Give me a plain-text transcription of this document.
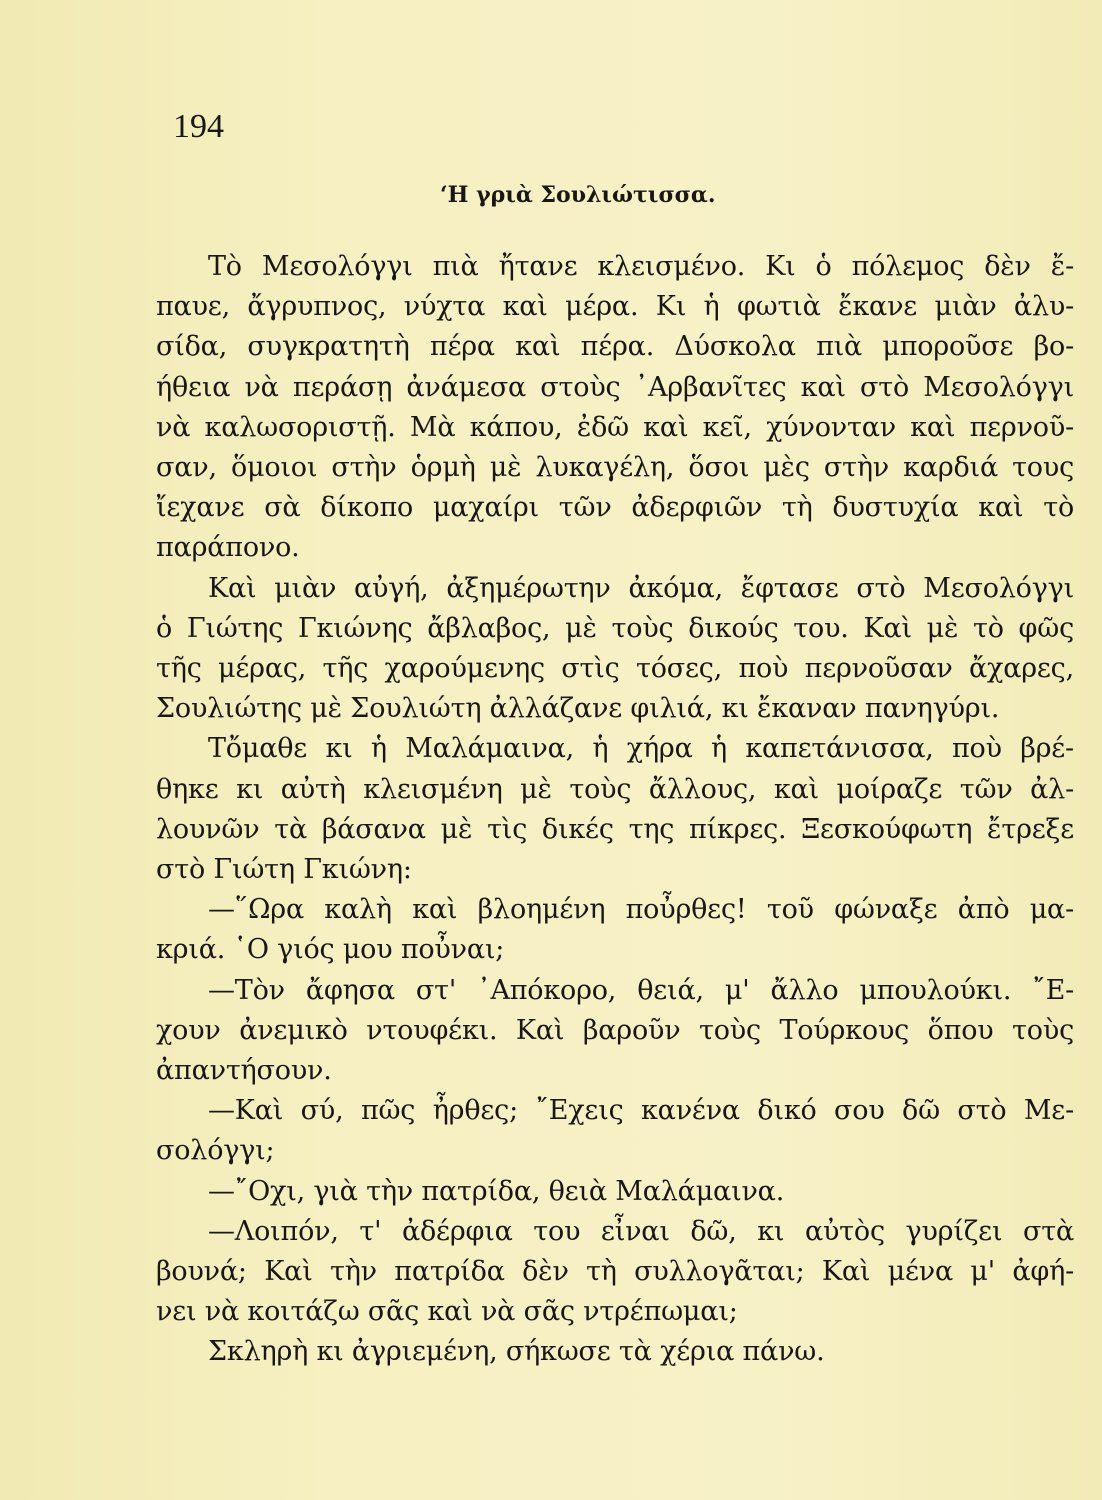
194
‘Η γριὰ Σουλιώτισσα.
Τὸ Μεσολόγγι πιὰ ἤτανε κλεισμένο. Κι ὁ πόλεμος δὲν ἔ-
παυε, ἄγρυπνος, νύχτα καὶ μέρα. Κι ἡ φωτιὰ ἔκανε μιὰν ἀλυ-
σίδα, συγκρατητὴ πέρα καὶ πέρα. Δύσκολα πιὰ μποροῦσε βο-
ήθεια νὰ περάσῃ ἀνάμεσα στοὺς ᾿Αρβανῖτες καὶ στὸ Μεσολόγγι
νὰ καλωσοριστῇ. Μὰ κάπου, ἐδῶ καὶ κεῖ, χύνονταν καὶ περνοῦ-
σαν, ὅμοιοι στὴν ὁρμὴ μὲ λυκαγέλη, ὅσοι μὲς στὴν καρδιά τους
ἴεχανε σὰ δίκοπο μαχαίρι τῶν ἀδερφιῶν τὴ δυστυχία καὶ τὸ
παράπονο.
Καὶ μιὰν αὐγή, ἀξημέρωτην ἀκόμα, ἔφτασε στὸ Μεσολόγγι
ὁ Γιώτης Γκιώνης ἄβλαβος, μὲ τοὺς δικούς του. Καὶ μὲ τὸ φῶς
τῆς μέρας, τῆς χαρούμενης στὶς τόσες, ποὺ περνοῦσαν ἄχαρες,
Σουλιώτης μὲ Σουλιώτη ἀλλάζανε φιλιά, κι ἔκαναν πανηγύρι.
Τὄμαθε κι ἡ Μαλάμαινα, ἡ χήρα ἡ καπετάνισσα, ποὺ βρέ-
θηκε κι αὐτὴ κλεισμένη μὲ τοὺς ἄλλους, καὶ μοίραζε τῶν ἀλ-
λουνῶν τὰ βάσανα μὲ τὶς δικές της πίκρες. Ξεσκούφωτη ἔτρεξε
στὸ Γιώτη Γκιώνη:
—῞Ωρα καλὴ καὶ βλοημένη ποὖρθες! τοῦ φώναξε ἀπὸ μα-
κριά. ῾Ο γιός μου ποὖναι;
—Τὸν ἄφησα στ' ᾿Απόκορο, θειά, μ' ἄλλο μπουλούκι. ῎Ε-
χουν ἀνεμικὸ ντουφέκι. Καὶ βαροῦν τοὺς Τούρκους ὅπου τοὺς
ἀπαντήσουν.
—Καὶ σύ, πῶς ἦρθες; ῎Εχεις κανένα δικό σου δῶ στὸ Με-
σολόγγι;
—῎Οχι, γιὰ τὴν πατρίδα, θειὰ Μαλάμαινα.
—Λοιπόν, τ' ἀδέρφια του εἶναι δῶ, κι αὐτὸς γυρίζει στὰ
βουνά; Καὶ τὴν πατρίδα δὲν τὴ συλλογᾶται; Καὶ μένα μ' ἀφή-
νει νὰ κοιτάζω σᾶς καὶ νὰ σᾶς ντρέπωμαι;
Σκληρὴ κι ἀγριεμένη, σήκωσε τὰ χέρια πάνω.
